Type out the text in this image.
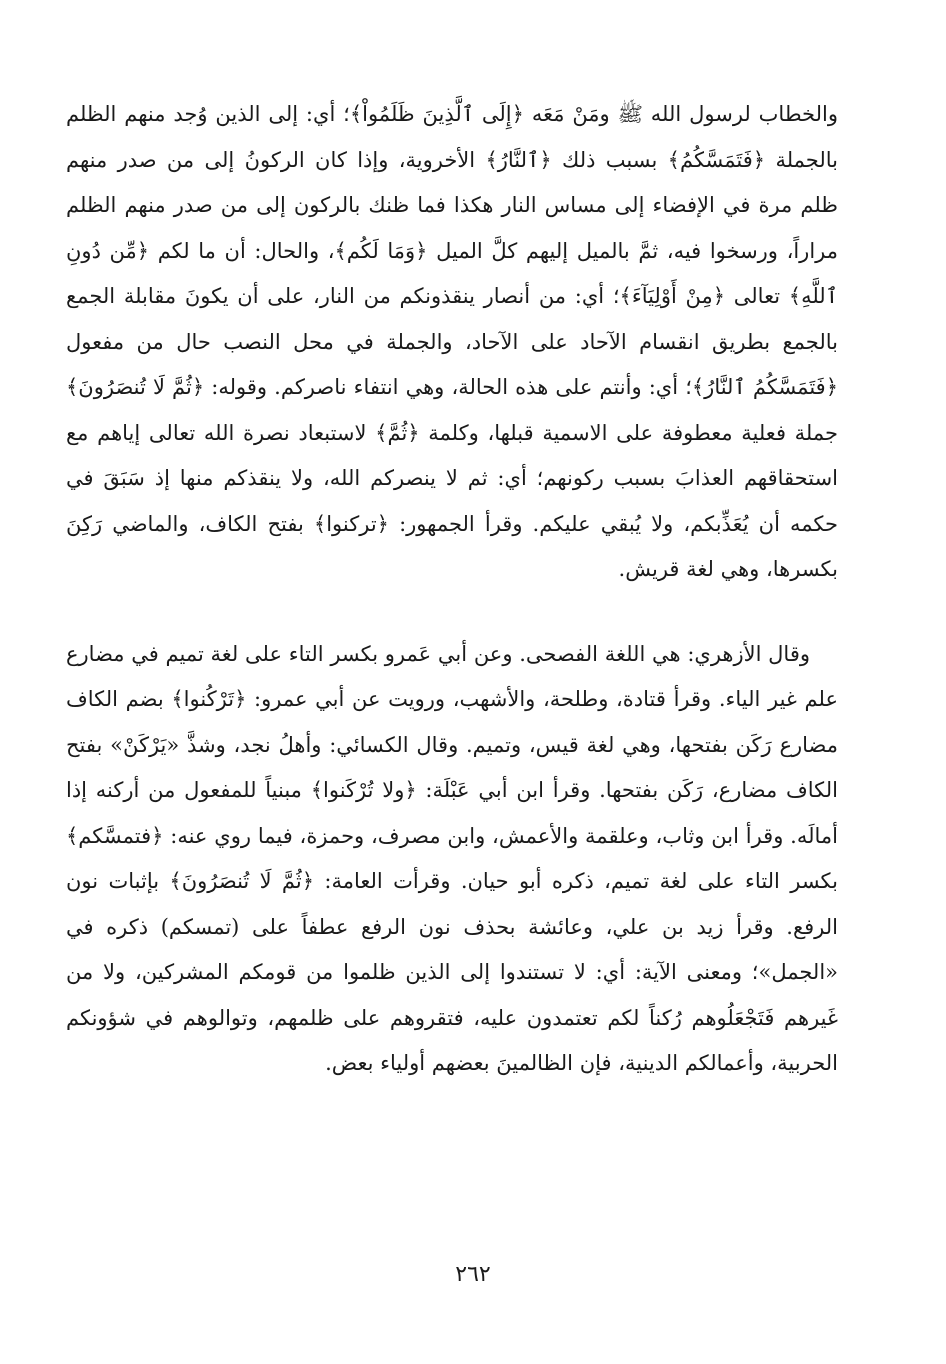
والخطاب لرسول الله ﷺ ومَنْ مَعَه ﴿إِلَى ٱلَّذِينَ ظَلَمُواْ﴾؛ أي: إلى الذين وُجد منهم الظلم بالجملة ﴿فَتَمَسَّكُمُ﴾ بسبب ذلك ﴿ٱلنَّارُ﴾ الأخروية، وإذا كان الركونُ إلى من صدر منهم ظلم مرة في الإفضاء إلى مساس النار هكذا فما ظنك بالركون إلى من صدر منهم الظلم مراراً، ورسخوا فيه، ثمَّ بالميل إليهم كلَّ الميل ﴿وَمَا لَكُم﴾، والحال: أن ما لكم ﴿مِّن دُونِ ٱللَّهِ﴾ تعالى ﴿مِنْ أَوْلِيَآءَ﴾؛ أي: من أنصار ينقذونكم من النار، على أن يكونَ مقابلة الجمع بالجمع بطريق انقسام الآحاد على الآحاد، والجملة في محل النصب حال من مفعول ﴿فَتَمَسَّكُمُ ٱلنَّارُ﴾؛ أي: وأنتم على هذه الحالة، وهي انتفاء ناصركم. وقوله: ﴿ثُمَّ لَا تُنصَرُونَ﴾ جملة فعلية معطوفة على الاسمية قبلها، وكلمة ﴿ثُمَّ﴾ لاستبعاد نصرة الله تعالى إياهم مع استحقاقهم العذابَ بسبب ركونهم؛ أي: ثم لا ينصركم الله، ولا ينقذكم منها إذ سَبَقَ في حكمه أن يُعَذِّبكم، ولا يُبقي عليكم. وقرأ الجمهور: ﴿تركنوا﴾ بفتح الكاف، والماضي رَكِنَ بكسرها، وهي لغة قريش.

وقال الأزهري: هي اللغة الفصحى. وعن أبي عَمرو بكسر التاء على لغة تميم في مضارع علم غير الياء. وقرأ قتادة، وطلحة، والأشهب، ورويت عن أبي عمرو: ﴿تَرْكُنوا﴾ بضم الكاف مضارع رَكَن بفتحها، وهي لغة قيس، وتميم. وقال الكسائي: وأهلُ نجد، وشذَّ «يَرْكَنْ» بفتح الكاف مضارع، رَكَن بفتحها. وقرأ ابن أبي عَبْلَة: ﴿ولا تُرْكَنوا﴾ مبنياً للمفعول من أركنه إذا أمالَه. وقرأ ابن وثاب، وعلقمة والأعمش، وابن مصرف، وحمزة، فيما روي عنه: ﴿فتمسَّكم﴾ بكسر التاء على لغة تميم، ذكره أبو حيان. وقرأت العامة: ﴿ثُمَّ لَا تُنصَرُونَ﴾ بإثبات نون الرفع. وقرأ زيد بن علي، وعائشة بحذف نون الرفع عطفاً على (تمسكم) ذكره في «الجمل»؛ ومعنى الآية: أي: لا تستندوا إلى الذين ظلموا من قومكم المشركين، ولا من غَيرهم فَتَجْعَلُوهم رُكناً لكم تعتمدون عليه، فتقروهم على ظلمهم، وتوالوهم في شؤونكم الحربية، وأعمالكم الدينية، فإن الظالمينَ بعضهم أولياء بعض.

٢٦٢
